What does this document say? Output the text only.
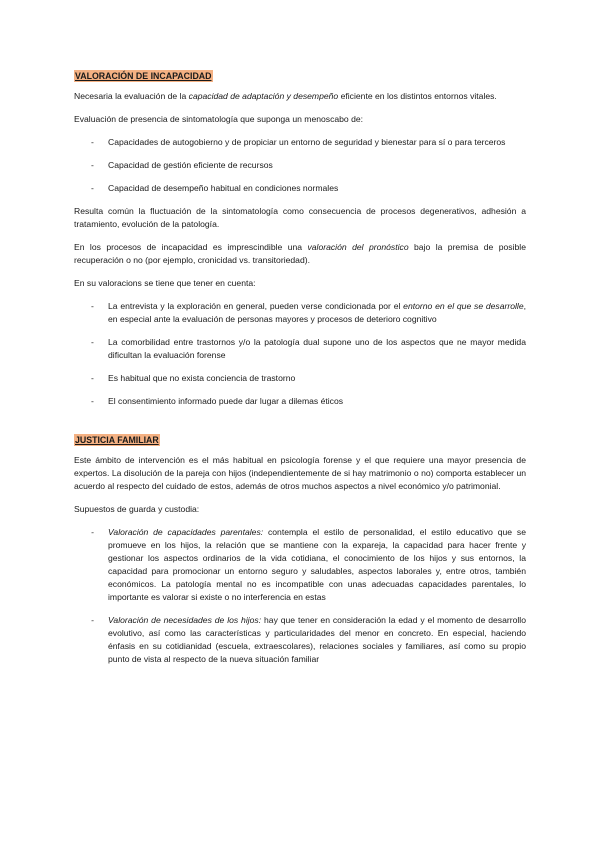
VALORACIÓN DE INCAPACIDAD

Necesaria la evaluación de la capacidad de adaptación y desempeño eficiente en los distintos entornos vitales.

Evaluación de presencia de sintomatología que suponga un menoscabo de:

- Capacidades de autogobierno y de propiciar un entorno de seguridad y bienestar para sí o para terceros
- Capacidad de gestión eficiente de recursos
- Capacidad de desempeño habitual en condiciones normales

Resulta común la fluctuación de la sintomatología como consecuencia de procesos degenerativos, adhesión a tratamiento, evolución de la patología.

En los procesos de incapacidad es imprescindible una valoración del pronóstico bajo la premisa de posible recuperación o no (por ejemplo, cronicidad vs. transitoriedad).

En su valoracions se tiene que tener en cuenta:

- La entrevista y la exploración en general, pueden verse condicionada por el entorno en el que se desarrolle, en especial ante la evaluación de personas mayores y procesos de deterioro cognitivo
- La comorbilidad entre trastornos y/o la patología dual supone uno de los aspectos que ne mayor medida dificultan la evaluación forense
- Es habitual que no exista conciencia de trastorno
- El consentimiento informado puede dar lugar a dilemas éticos
JUSTICIA FAMILIAR

Este ámbito de intervención es el más habitual en psicología forense y el que requiere una mayor presencia de expertos. La disolución de la pareja con hijos (independientemente de si hay matrimonio o no) comporta establecer un acuerdo al respecto del cuidado de estos, además de otros muchos aspectos a nivel económico y/o patrimonial.

Supuestos de guarda y custodia:

- Valoración de capacidades parentales: contempla el estilo de personalidad, el estilo educativo que se promueve en los hijos, la relación que se mantiene con la expareja, la capacidad para hacer frente y gestionar los aspectos ordinarios de la vida cotidiana, el conocimiento de los hijos y sus entornos, la capacidad para promocionar un entorno seguro y saludables, aspectos laborales y, entre otros, también económicos. La patología mental no es incompatible con unas adecuadas capacidades parentales, lo importante es valorar si existe o no interferencia en estas
- Valoración de necesidades de los hijos: hay que tener en consideración la edad y el momento de desarrollo evolutivo, así como las características y particularidades del menor en concreto. En especial, haciendo énfasis en su cotidianidad (escuela, extraescolares), relaciones sociales y familiares, así como su propio punto de vista al respecto de la nueva situación familiar
